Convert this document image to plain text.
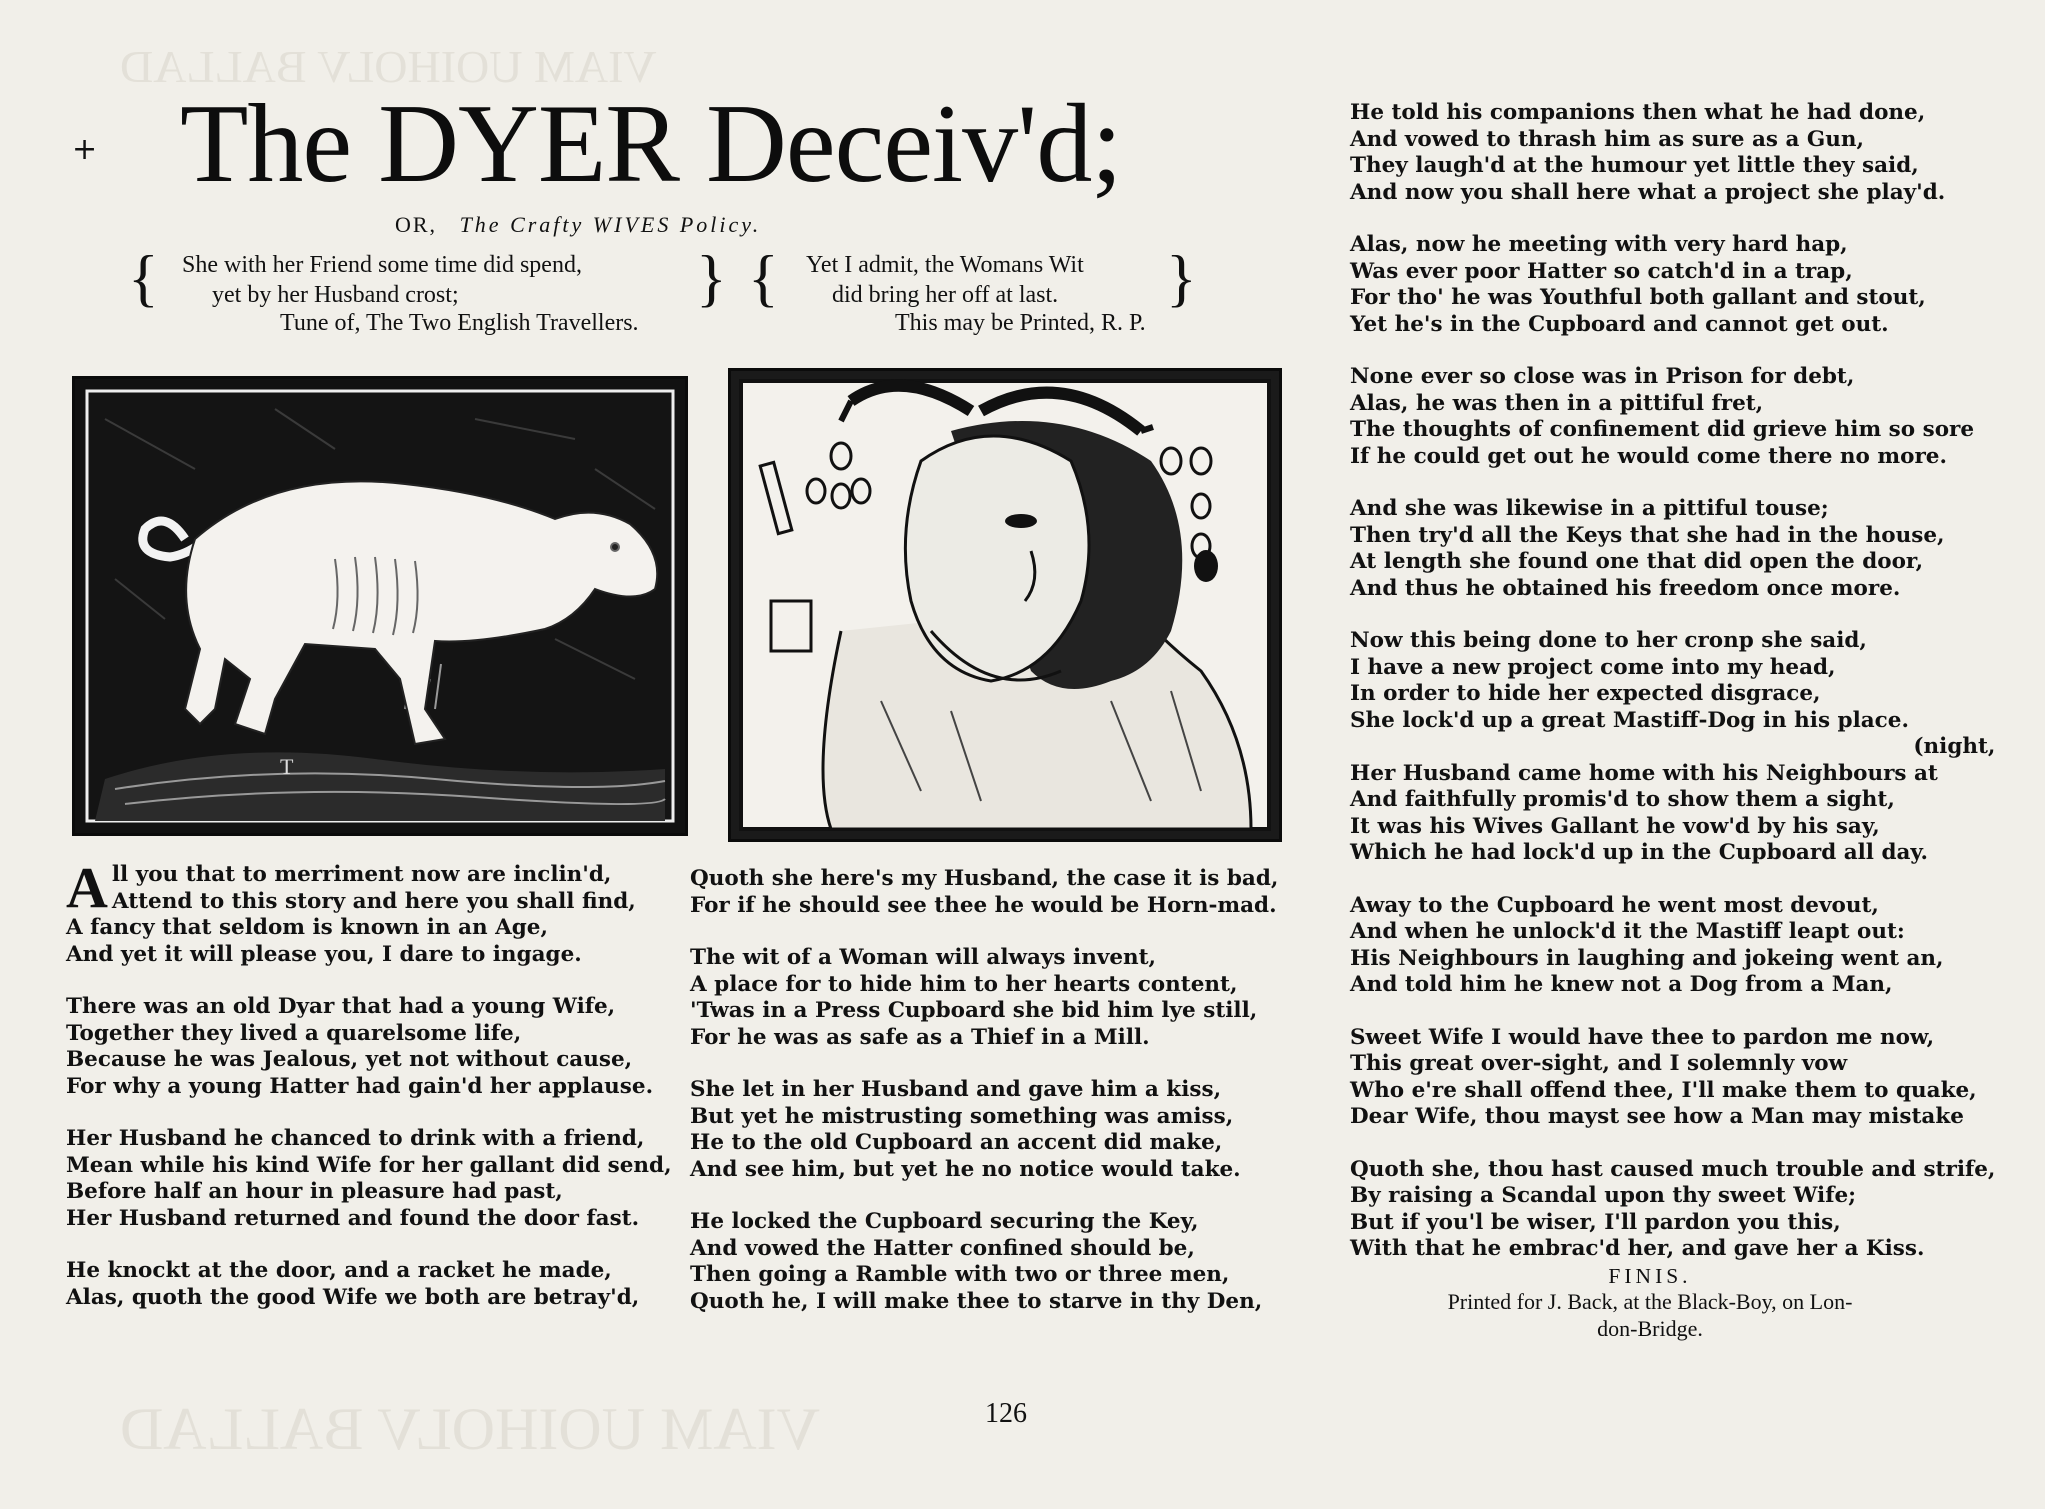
VIAM UOIHOLV BALLAD
VIAM UOIHOLV BALLAD
+ The DYER Deceiv'd;
OR, The Crafty WIVES Policy.
{ She with her Friend some time did spend,
yet by her Husband crost;	} { Yet I admit, the Womans Wit
did bring her off at last.	}
Tune of, The Two English Travellers.	This may be Printed, R. P.
T
A ll you that to merriment now are inclin'd,
Attend to this story and here you shall find,
A fancy that seldom is known in an Age,
And yet it will please you, I dare to ingage.
There was an old Dyar that had a young Wife,
Together they lived a quarelsome life,
Because he was Jealous, yet not without cause,
For why a young Hatter had gain'd her applause.
Her Husband he chanced to drink with a friend,
Mean while his kind Wife for her gallant did send,
Before half an hour in pleasure had past,
Her Husband returned and found the door fast.
He knockt at the door, and a racket he made,
Alas, quoth the good Wife we both are betray'd,
Quoth she here's my Husband, the case it is bad,
For if he should see thee he would be Horn-mad.
The wit of a Woman will always invent,
A place for to hide him to her hearts content,
'Twas in a Press Cupboard she bid him lye still,
For he was as safe as a Thief in a Mill.
She let in her Husband and gave him a kiss,
But yet he mistrusting something was amiss,
He to the old Cupboard an accent did make,
And see him, but yet he no notice would take.
He locked the Cupboard securing the Key,
And vowed the Hatter confined should be,
Then going a Ramble with two or three men,
Quoth he, I will make thee to starve in thy Den,
He told his companions then what he had done,
And vowed to thrash him as sure as a Gun,
They laugh'd at the humour yet little they said,
And now you shall here what a project she play'd.
Alas, now he meeting with very hard hap,
Was ever poor Hatter so catch'd in a trap,
For tho' he was Youthful both gallant and stout,
Yet he's in the Cupboard and cannot get out.
None ever so close was in Prison for debt,
Alas, he was then in a pittiful fret,
The thoughts of confinement did grieve him so sore
If he could get out he would come there no more.
And she was likewise in a pittiful touse;
Then try'd all the Keys that she had in the house,
At length she found one that did open the door,
And thus he obtained his freedom once more.
Now this being done to her cronp she said,
I have a new project come into my head,
In order to hide her expected disgrace,
She lock'd up a great Mastiff-Dog in his place.
(night,
Her Husband came home with his Neighbours at
And faithfully promis'd to show them a sight,
It was his Wives Gallant he vow'd by his say,
Which he had lock'd up in the Cupboard all day.
Away to the Cupboard he went most devout,
And when he unlock'd it the Mastiff leapt out:
His Neighbours in laughing and jokeing went an,
And told him he knew not a Dog from a Man,
Sweet Wife I would have thee to pardon me now,
This great over-sight, and I solemnly vow
Who e're shall offend thee, I'll make them to quake,
Dear Wife, thou mayst see how a Man may mistake
Quoth she, thou hast caused much trouble and strife,
By raising a Scandal upon thy sweet Wife;
But if you'l be wiser, I'll pardon you this,
With that he embrac'd her, and gave her a Kiss.
FINIS.
Printed for J. Back, at the Black-Boy, on Lon-
don-Bridge.
126
